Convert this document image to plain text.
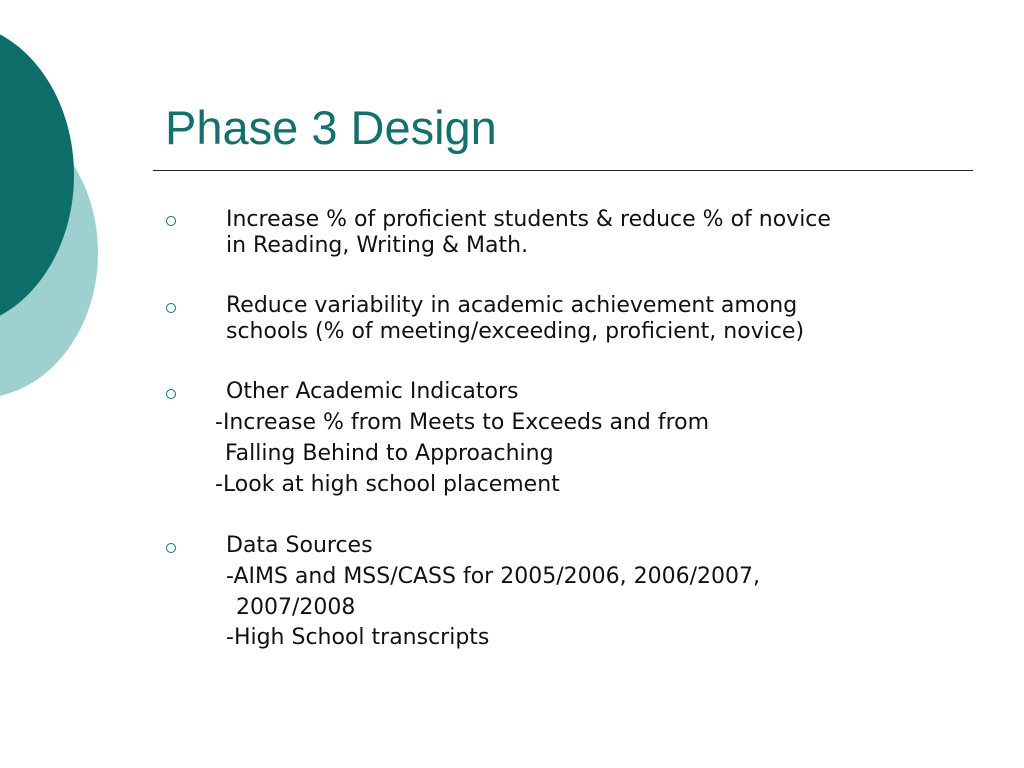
Phase 3 Design

Increase % of proficient students & reduce % of novice

in Reading, Writing & Math.

Reduce variability in academic achievement among

schools (% of meeting/exceeding, proficient, novice)

Other Academic Indicators

-Increase % from Meets to Exceeds and from

Falling Behind to Approaching

-Look at high school placement

Data Sources

-AIMS and MSS/CASS for 2005/2006, 2006/2007,

2007/2008

-High School transcripts
